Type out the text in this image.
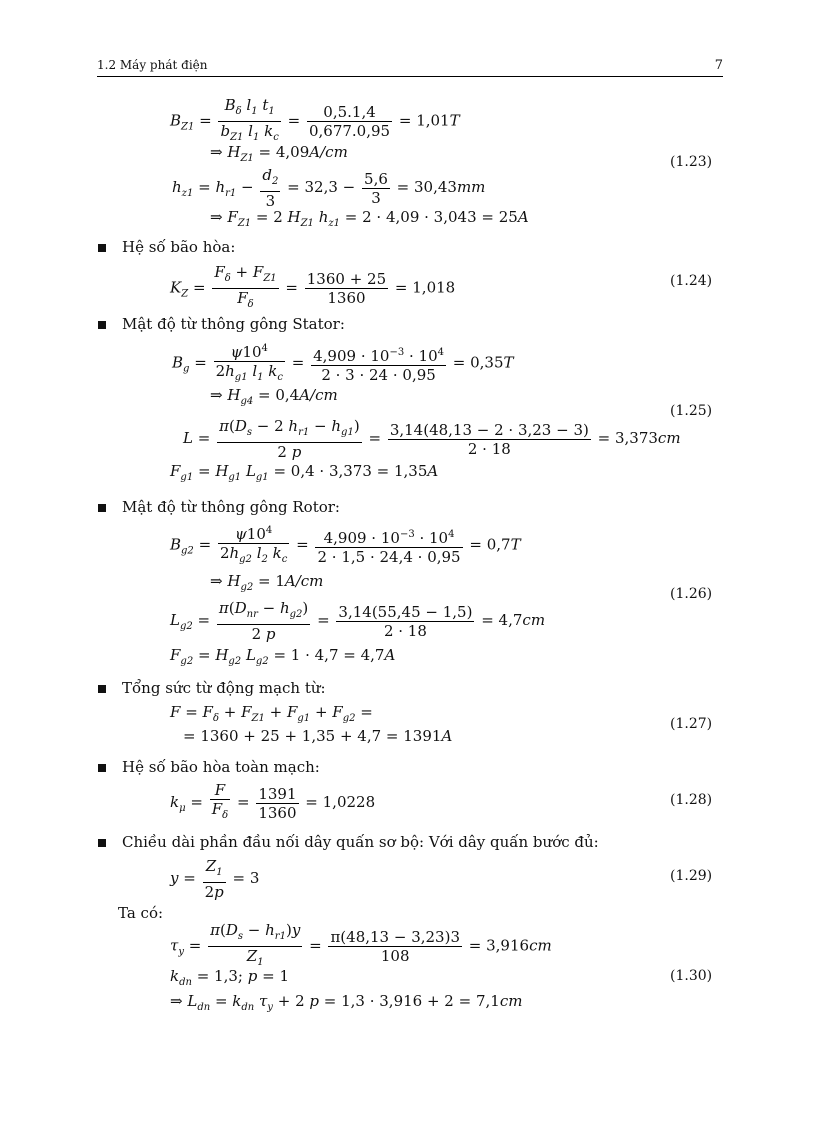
1.2 Máy phát điện	7
$B_{Z1} = \frac{B_\delta l_1 t_1}{b_{Z1} l_1 k_c} = \frac{0,5.1,4}{0,677.0,95} = 1,01T$
⇒ $H_{Z1} = 4,09A/cm$
$h_{z1} = h_{r1} - \frac{d_2}{3} = 32,3 - \frac{5,6}{3} = 30,43mm$
⇒ $F_{Z1} = 2$ $H_{Z1}$ $h_{z1} = 2 \cdot 4,09 \cdot 3,043 = 25A$
(1.23)
Hệ số bão hòa:
$K_Z = \frac{F_\delta + F_{Z1}}{F_\delta} = \frac{1360 + 25}{1360} = 1,018$	(1.24)
Mật độ từ thông gông Stator:
$B_g = \frac{\psi 10^4}{2h_{g1} l_1 k_c} = \frac{4,909 \cdot 10^{-3} \cdot 10^4}{2 \cdot 3 \cdot 24 \cdot 0,95} = 0,35T$
⇒ $H_{g4} = 0,4A/cm$
$L = \frac{\pi(D_s - 2 h_{r1} - h_{g1})}{2 p} = \frac{3,14(48,13 - 2 \cdot 3,23 - 3)}{2 \cdot 18} = 3,373cm$
$F_{g1} = H_{g1}$ $L_{g1} = 0,4 \cdot 3,373 = 1,35A$
(1.25)
Mật độ từ thông gông Rotor:
$B_{g2} = \frac{\psi 10^4}{2h_{g2} l_2 k_c} = \frac{4,909 \cdot 10^{-3} \cdot 10^4}{2 \cdot 1,5 \cdot 24,4 \cdot 0,95} = 0,7T$
⇒ $H_{g2} = 1A/cm$
$L_{g2} = \frac{\pi(D_{nr} - h_{g2})}{2 p} = \frac{3,14(55,45 - 1,5)}{2 \cdot 18} = 4,7cm$
$F_{g2} = H_{g2}$ $L_{g2} = 1 \cdot 4,7 = 4,7A$
(1.26)
Tổng sức từ động mạch từ:
$F = F_\delta + F_{Z1} + F_{g1} + F_{g2}$ =
= 1360 + 25 + 1,35 + 4,7 = 1391A
(1.27)
Hệ số bão hòa toàn mạch:
$k_\mu = \frac{F}{F_\delta} = \frac{1391}{1360} = 1,0228$	(1.28)
Chiều dài phần đầu nối dây quấn sơ bộ: Với dây quấn bước đủ:
$y = \frac{Z_1}{2p} = 3$	(1.29)
Ta có:
$\tau_y = \frac{\pi(D_s - h_{r1})y}{Z_1} = \frac{\pi(48,13 - 3,23)3}{108} = 3,916cm$
$k_{dn} = 1,3$; p = 1
⇒ $L_{dn} = k_{dn}$ $\tau_y + 2$ p = 1,3 · 3,916 + 2 = 7,1cm
(1.30)
